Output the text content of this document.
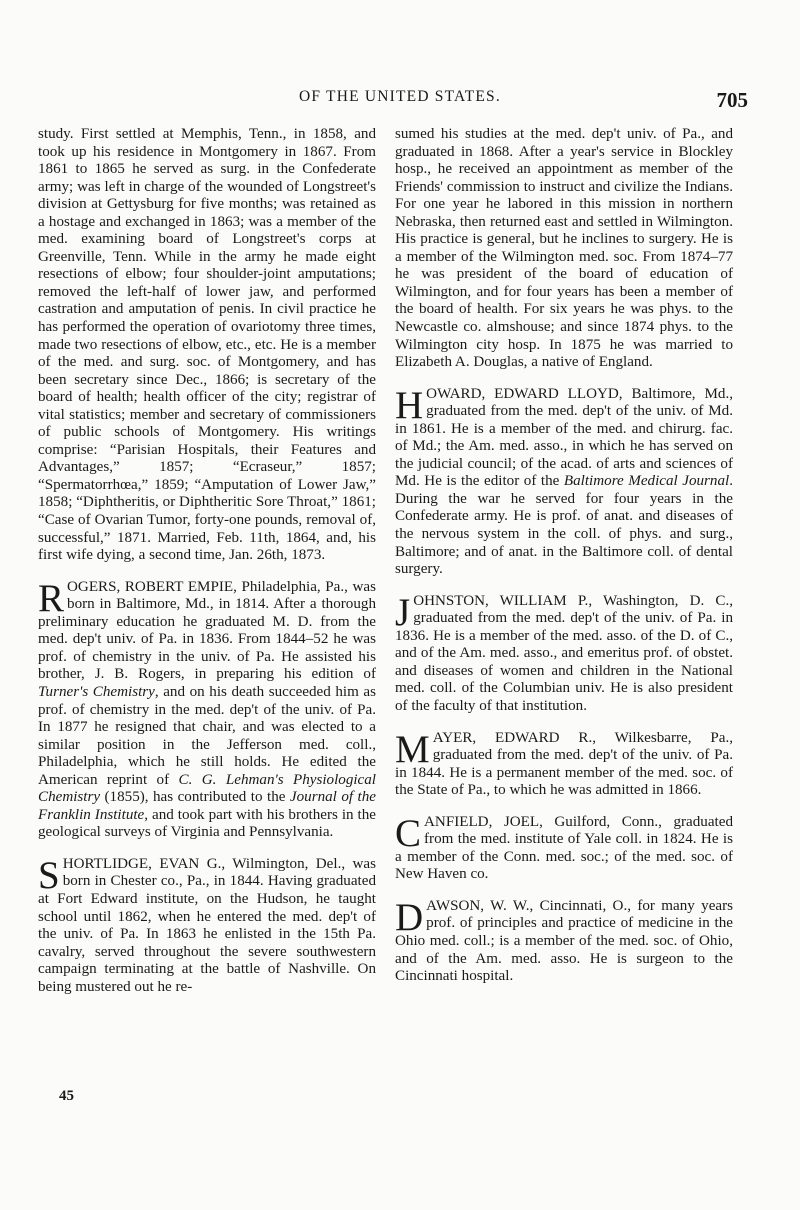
OF THE UNITED STATES.	705

study. First settled at Memphis, Tenn., in 1858, and took up his residence in Montgomery in 1867. From 1861 to 1865 he served as surg. in the Confederate army; was left in charge of the wounded of Longstreet's division at Gettysburg for five months; was retained as a hostage and exchanged in 1863; was a member of the med. examining board of Longstreet's corps at Greenville, Tenn. While in the army he made eight resections of elbow; four shoulder-joint amputations; removed the left-half of lower jaw, and performed castration and amputation of penis. In civil practice he has performed the operation of ovariotomy three times, made two resections of elbow, etc., etc. He is a member of the med. and surg. soc. of Montgomery, and has been secretary since Dec., 1866; is secretary of the board of health; health officer of the city; registrar of vital statistics; member and secretary of commissioners of public schools of Montgomery. His writings comprise: “Parisian Hospitals, their Features and Advantages,” 1857; “Ecraseur,” 1857; “Spermatorrhœa,” 1859; “Amputation of Lower Jaw,” 1858; “Diphtheritis, or Diphtheritic Sore Throat,” 1861; “Case of Ovarian Tumor, forty-one pounds, removal of, successful,” 1871. Married, Feb. 11th, 1864, and, his first wife dying, a second time, Jan. 26th, 1873.

ROGERS, ROBERT EMPIE, Philadelphia, Pa., was born in Baltimore, Md., in 1814. After a thorough preliminary education he graduated M. D. from the med. dep't univ. of Pa. in 1836. From 1844–52 he was prof. of chemistry in the univ. of Pa. He assisted his brother, J. B. Rogers, in preparing his edition of Turner's Chemistry, and on his death succeeded him as prof. of chemistry in the med. dep't of the univ. of Pa. In 1877 he resigned that chair, and was elected to a similar position in the Jefferson med. coll., Philadelphia, which he still holds. He edited the American reprint of C. G. Lehman's Physiological Chemistry (1855), has contributed to the Journal of the Franklin Institute, and took part with his brothers in the geological surveys of Virginia and Pennsylvania.

SHORTLIDGE, EVAN G., Wilmington, Del., was born in Chester co., Pa., in 1844. Having graduated at Fort Edward institute, on the Hudson, he taught school until 1862, when he entered the med. dep't of the univ. of Pa. In 1863 he enlisted in the 15th Pa. cavalry, served throughout the severe southwestern campaign terminating at the battle of Nashville. On being mustered out he re-

45

sumed his studies at the med. dep't univ. of Pa., and graduated in 1868. After a year's service in Blockley hosp., he received an appointment as member of the Friends' commission to instruct and civilize the Indians. For one year he labored in this mission in northern Nebraska, then returned east and settled in Wilmington. His practice is general, but he inclines to surgery. He is a member of the Wilmington med. soc. From 1874–77 he was president of the board of education of Wilmington, and for four years has been a member of the board of health. For six years he was phys. to the Newcastle co. almshouse; and since 1874 phys. to the Wilmington city hosp. In 1875 he was married to Elizabeth A. Douglas, a native of England.

HOWARD, EDWARD LLOYD, Baltimore, Md., graduated from the med. dep't of the univ. of Md. in 1861. He is a member of the med. and chirurg. fac. of Md.; the Am. med. asso., in which he has served on the judicial council; of the acad. of arts and sciences of Md. He is the editor of the Baltimore Medical Journal. During the war he served for four years in the Confederate army. He is prof. of anat. and diseases of the nervous system in the coll. of phys. and surg., Baltimore; and of anat. in the Baltimore coll. of dental surgery.

JOHNSTON, WILLIAM P., Washington, D. C., graduated from the med. dep't of the univ. of Pa. in 1836. He is a member of the med. asso. of the D. of C., and of the Am. med. asso., and emeritus prof. of obstet. and diseases of women and children in the National med. coll. of the Columbian univ. He is also president of the faculty of that institution.

MAYER, EDWARD R., Wilkesbarre, Pa., graduated from the med. dep't of the univ. of Pa. in 1844. He is a permanent member of the med. soc. of the State of Pa., to which he was admitted in 1866.

CANFIELD, JOEL, Guilford, Conn., graduated from the med. institute of Yale coll. in 1824. He is a member of the Conn. med. soc.; of the med. soc. of New Haven co.

DAWSON, W. W., Cincinnati, O., for many years prof. of principles and practice of medicine in the Ohio med. coll.; is a member of the med. soc. of Ohio, and of the Am. med. asso. He is surgeon to the Cincinnati hospital.
